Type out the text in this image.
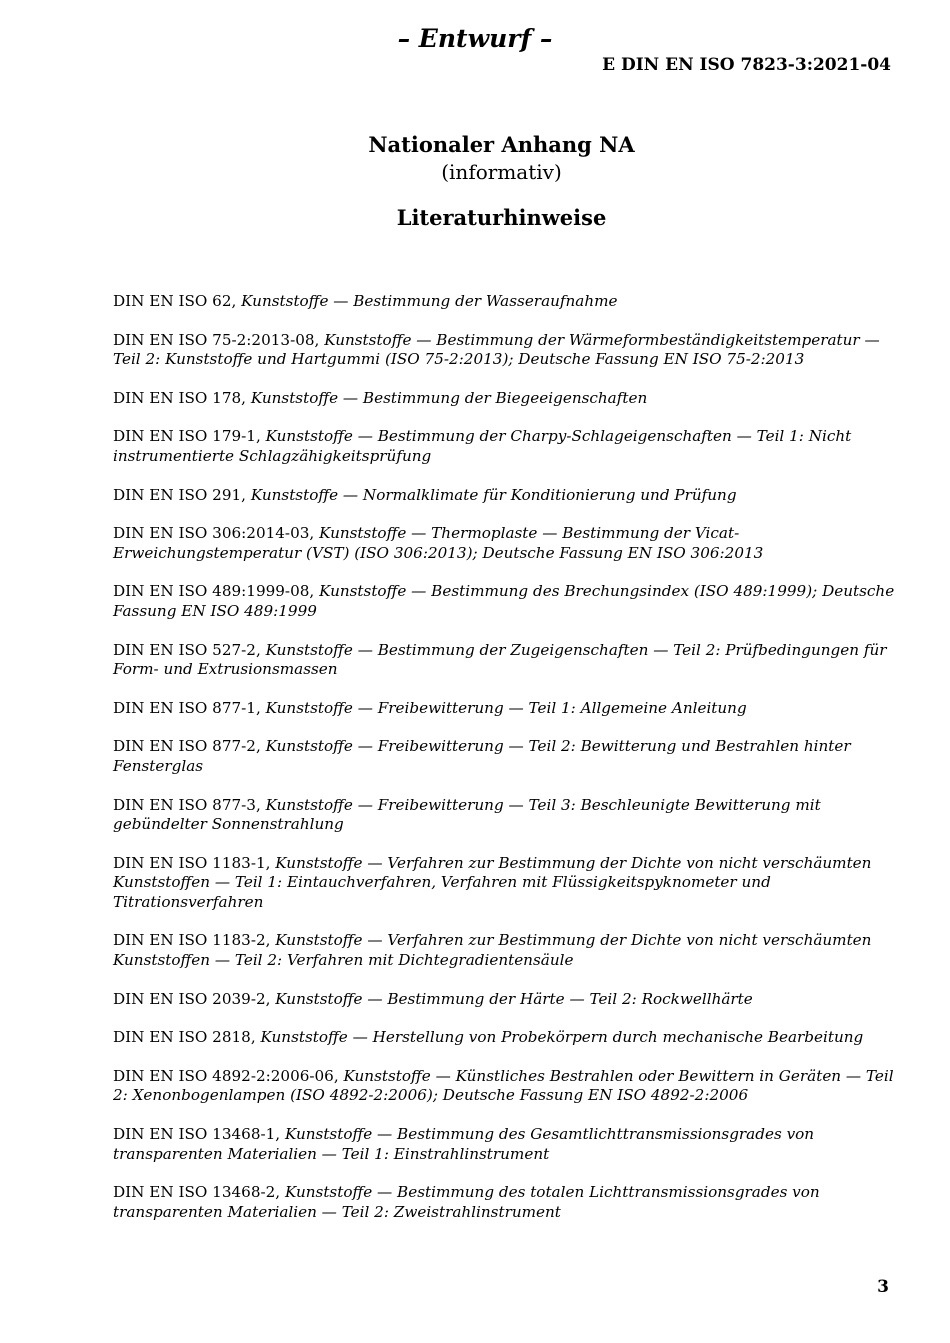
– Entwurf –
E DIN EN ISO 7823-3:2021-04
Nationaler Anhang NA
(informativ)
Literaturhinweise
DIN EN ISO 62, Kunststoffe — Bestimmung der Wasseraufnahme
DIN EN ISO 75-2:2013-08, Kunststoffe — Bestimmung der Wärmeformbeständigkeitstemperatur — Teil 2: Kunststoffe und Hartgummi (ISO 75-2:2013); Deutsche Fassung EN ISO 75-2:2013
DIN EN ISO 178, Kunststoffe — Bestimmung der Biegeeigenschaften
DIN EN ISO 179-1, Kunststoffe — Bestimmung der Charpy-Schlageigenschaften — Teil 1: Nicht instrumentierte Schlagzähigkeitsprüfung
DIN EN ISO 291, Kunststoffe — Normalklimate für Konditionierung und Prüfung
DIN EN ISO 306:2014-03, Kunststoffe — Thermoplaste — Bestimmung der Vicat-Erweichungstemperatur (VST) (ISO 306:2013); Deutsche Fassung EN ISO 306:2013
DIN EN ISO 489:1999-08, Kunststoffe — Bestimmung des Brechungsindex (ISO 489:1999); Deutsche Fassung EN ISO 489:1999
DIN EN ISO 527-2, Kunststoffe — Bestimmung der Zugeigenschaften — Teil 2: Prüfbedingungen für Form- und Extrusionsmassen
DIN EN ISO 877-1, Kunststoffe — Freibewitterung — Teil 1: Allgemeine Anleitung
DIN EN ISO 877-2, Kunststoffe — Freibewitterung — Teil 2: Bewitterung und Bestrahlen hinter Fensterglas
DIN EN ISO 877-3, Kunststoffe — Freibewitterung — Teil 3: Beschleunigte Bewitterung mit gebündelter Sonnenstrahlung
DIN EN ISO 1183-1, Kunststoffe — Verfahren zur Bestimmung der Dichte von nicht verschäumten Kunststoffen — Teil 1: Eintauchverfahren, Verfahren mit Flüssigkeitspyknometer und Titrationsverfahren
DIN EN ISO 1183-2, Kunststoffe — Verfahren zur Bestimmung der Dichte von nicht verschäumten Kunststoffen — Teil 2: Verfahren mit Dichtegradientensäule
DIN EN ISO 2039-2, Kunststoffe — Bestimmung der Härte — Teil 2: Rockwellhärte
DIN EN ISO 2818, Kunststoffe — Herstellung von Probekörpern durch mechanische Bearbeitung
DIN EN ISO 4892-2:2006-06, Kunststoffe — Künstliches Bestrahlen oder Bewittern in Geräten — Teil 2: Xenonbogenlampen (ISO 4892-2:2006); Deutsche Fassung EN ISO 4892-2:2006
DIN EN ISO 13468-1, Kunststoffe — Bestimmung des Gesamtlichttransmissionsgrades von transparenten Materialien — Teil 1: Einstrahlinstrument
DIN EN ISO 13468-2, Kunststoffe — Bestimmung des totalen Lichttransmissionsgrades von transparenten Materialien — Teil 2: Zweistrahlinstrument
3
